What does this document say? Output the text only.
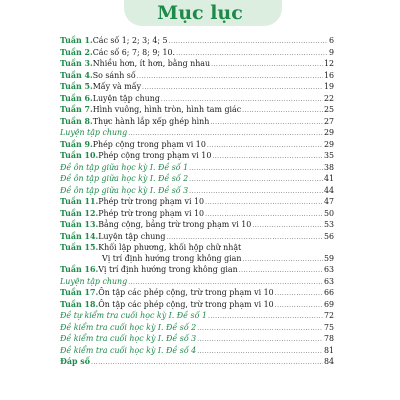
Mục lục
Tuần 1. Các số 1; 2; 3; 4; 5 .....	6
Tuần 2. Các số 6; 7; 8; 9; 10. .....	9
Tuần 3. Nhiều hơn, ít hơn, bằng nhau .....	12
Tuần 4. So sánh số .....	16
Tuần 5. Mấy và mấy .....	19
Tuần 6. Luyện tập chung .....	22
Tuần 7. Hình vuông, hình tròn, hình tam giác .....	25
Tuần 8. Thực hành lắp xếp ghép hình .....	27
Luyện tập chung .....	29
Tuần 9. Phép cộng trong phạm vi 10 .....	29
Tuần 10. Phép cộng trong phạm vi 10 .....	35
Đề ôn tập giữa học kỳ I. Đề số 1 .....	38
Đề ôn tập giữa học kỳ I. Đề số 2 .....	41
Đề ôn tập giữa học kỳ I. Đề số 3 .....	44
Tuần 11. Phép trừ trong phạm vi 10 .....	47
Tuần 12. Phép trừ trong phạm vi 10 .....	50
Tuần 13. Bảng cộng, bảng trừ trong phạm vi 10 .....	53
Tuần 14. Luyện tập chung .....	56
Tuần 15. Khối lập phương, khối hộp chữ nhật
Vị trí định hướng trong không gian .....	59
Tuần 16. Vị trí định hướng trong không gian .....	63
Luyện tập chung .....	63
Tuần 17. Ôn tập các phép cộng, trừ trong phạm vi 10 .....	66
Tuần 18. Ôn tập các phép cộng, trừ trong phạm vi 10 .....	69
Đề tự kiểm tra cuối học kỳ I. Đề số 1 .....	72
Đề kiểm tra cuối học kỳ I. Đề số 2 .....	75
Đề kiểm tra cuối học kỳ I. Đề số 3 .....	78
Đề kiểm tra cuối học kỳ I. Đề số 4 .....	81
Đáp số .....	84
